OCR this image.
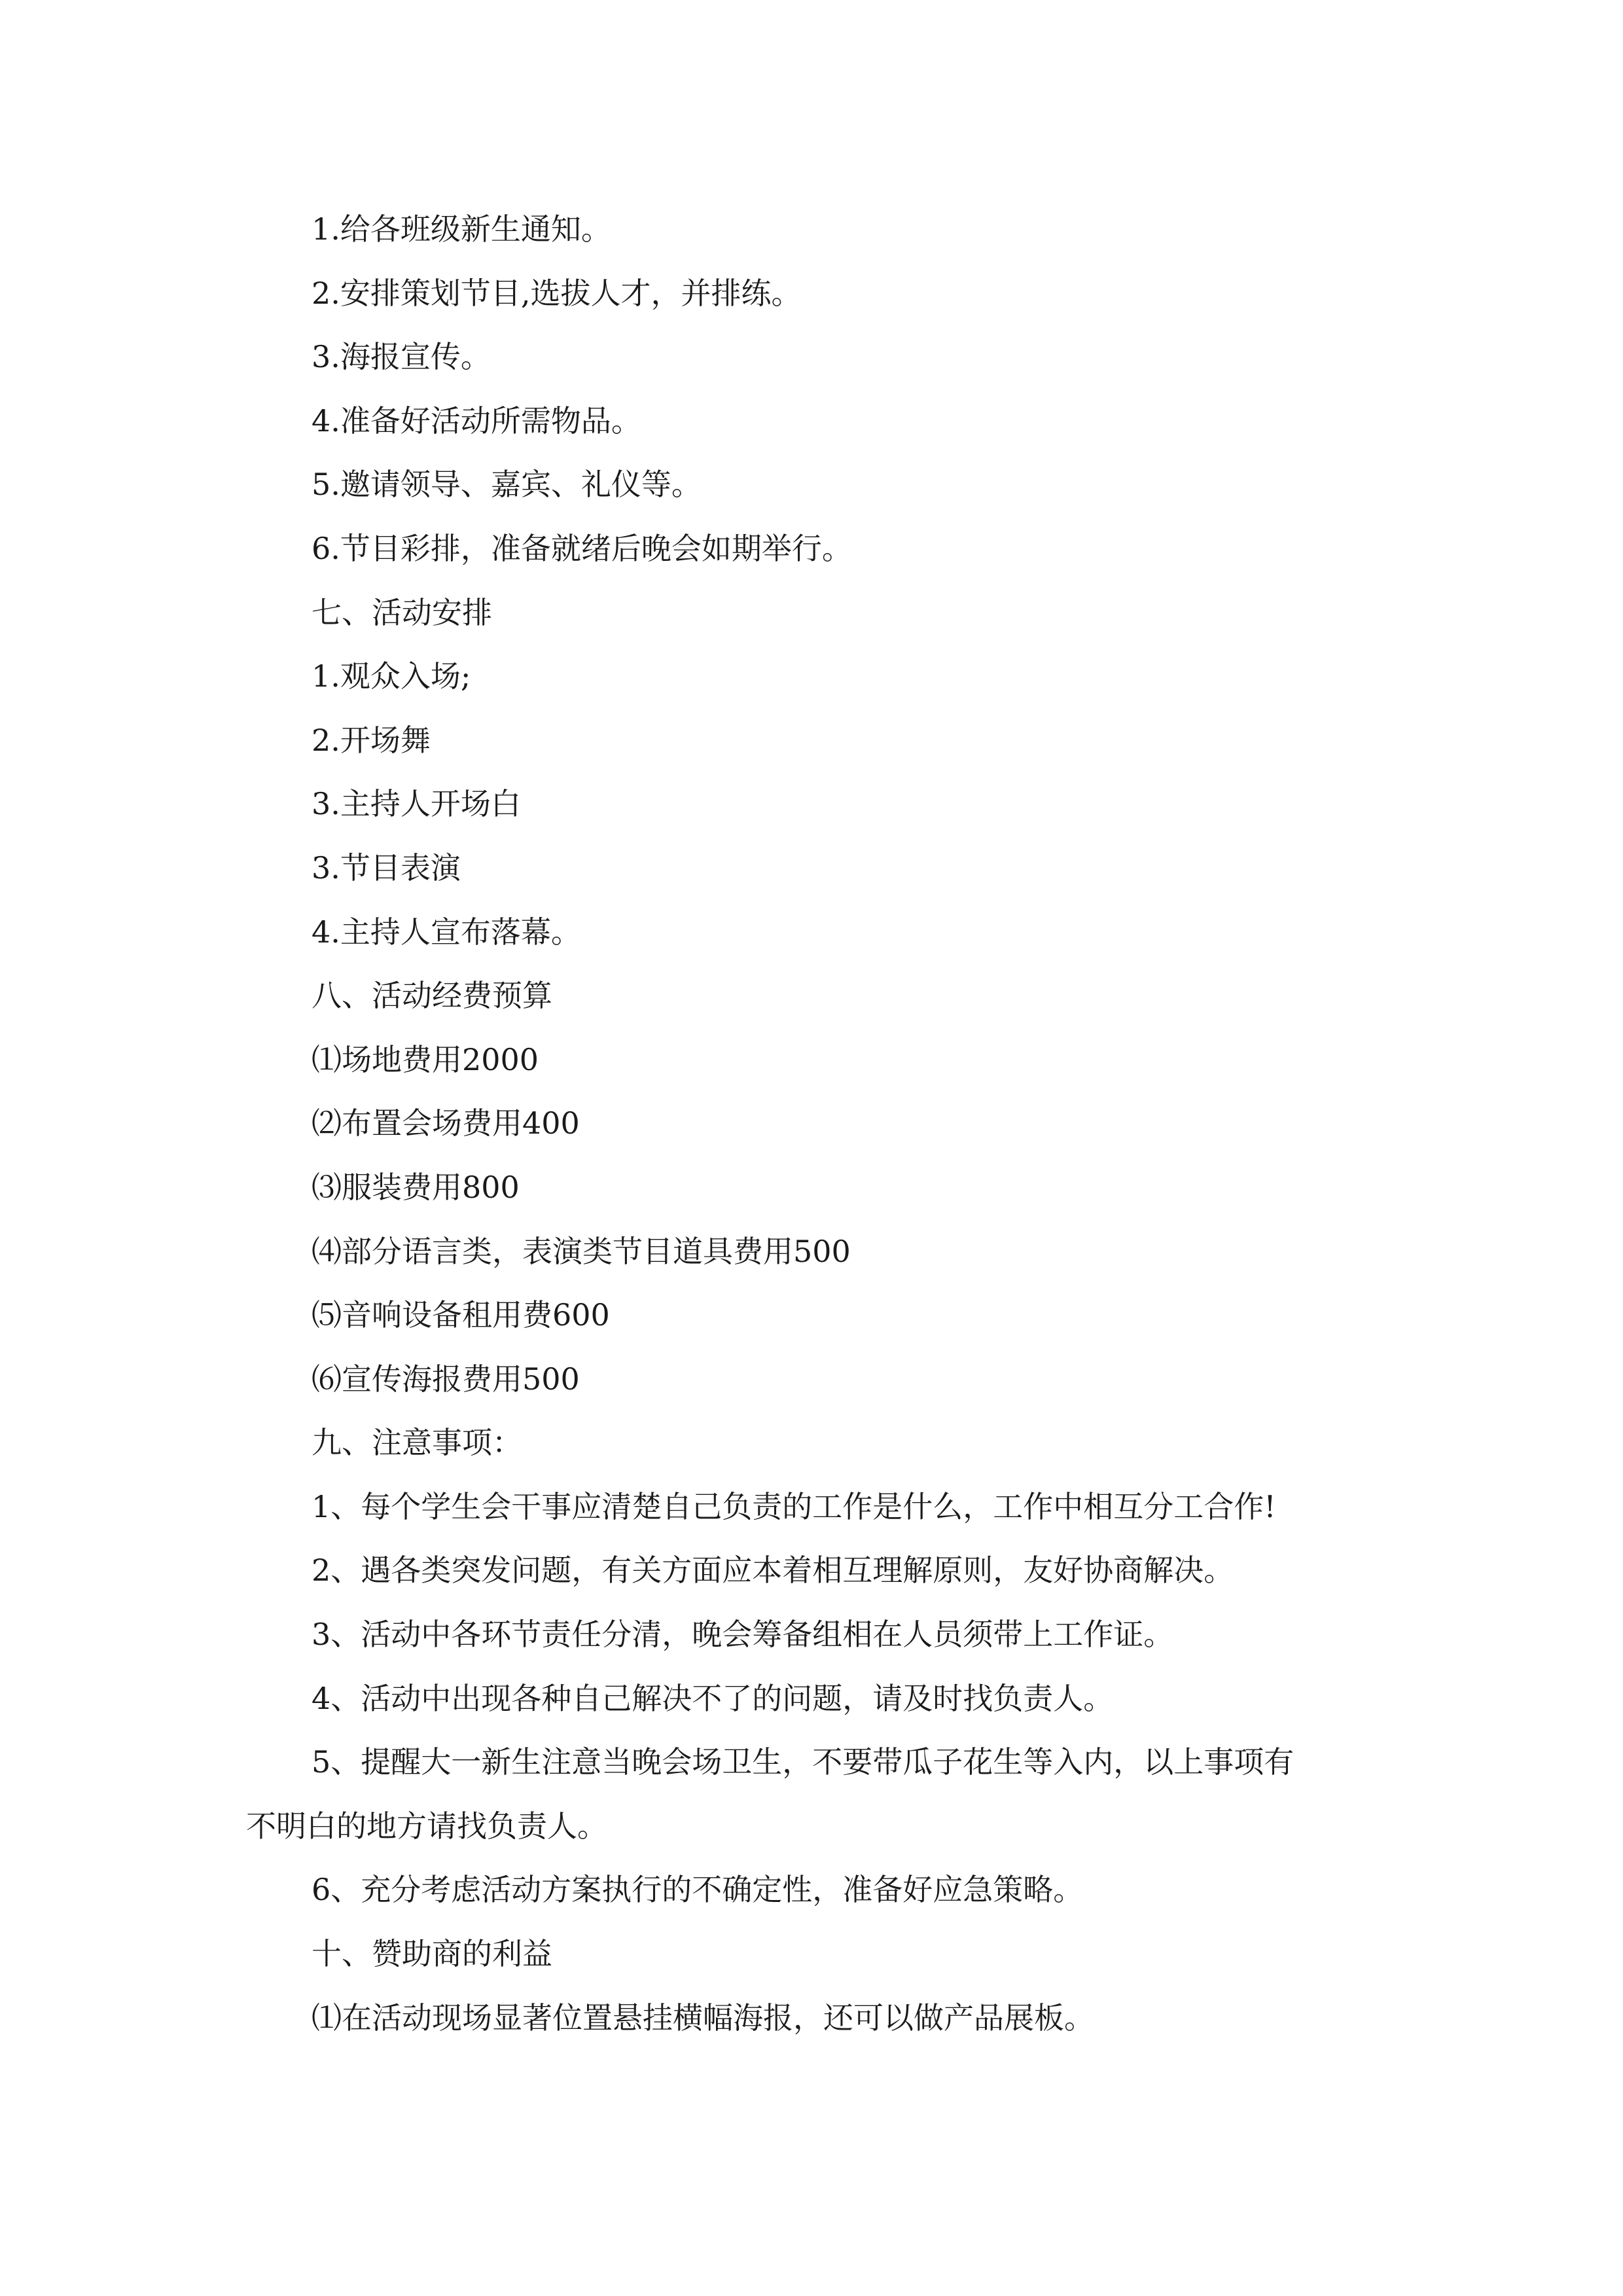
1.给各班级新生通知。
2.安排策划节目,选拔人才，并排练。
3.海报宣传。
4.准备好活动所需物品。
5.邀请领导、嘉宾、礼仪等。
6.节目彩排，准备就绪后晚会如期举行。
七、活动安排
1.观众入场;
2.开场舞
3.主持人开场白
3.节目表演
4.主持人宣布落幕。
八、活动经费预算
⑴场地费用2000
⑵布置会场费用400
⑶服装费用800
⑷部分语言类，表演类节目道具费用500
⑸音响设备租用费600
⑹宣传海报费用500
九、注意事项：
1、每个学生会干事应清楚自己负责的工作是什么，工作中相互分工合作!
2、遇各类突发问题，有关方面应本着相互理解原则，友好协商解决。
3、活动中各环节责任分清，晚会筹备组相在人员须带上工作证。
4、活动中出现各种自己解决不了的问题，请及时找负责人。
5、提醒大一新生注意当晚会场卫生，不要带瓜子花生等入内，以上事项有
不明白的地方请找负责人。
6、充分考虑活动方案执行的不确定性，准备好应急策略。
十、赞助商的利益
⑴在活动现场显著位置悬挂横幅海报，还可以做产品展板。
